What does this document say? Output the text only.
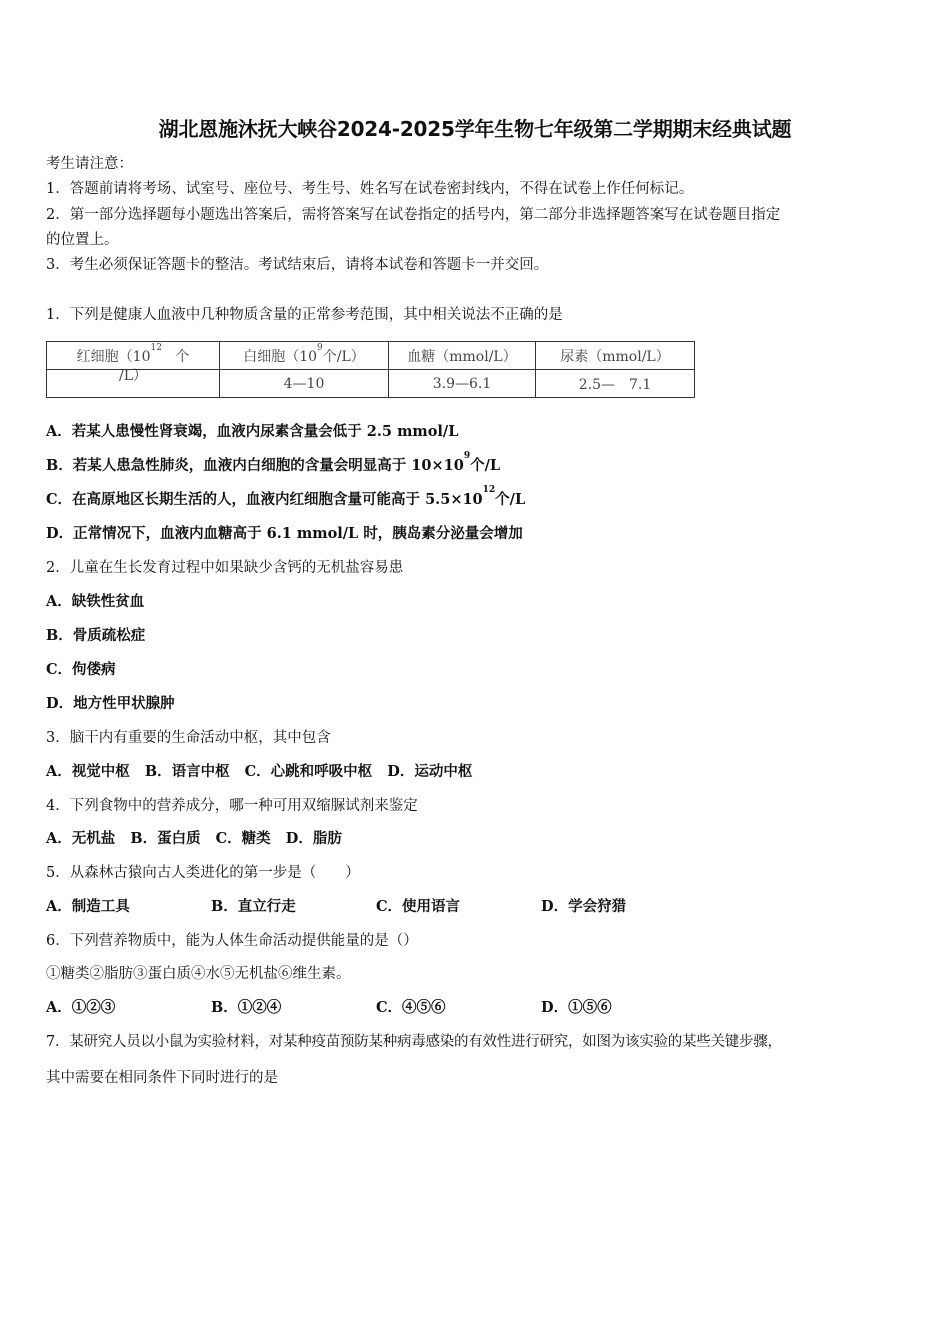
湖北恩施沐抚大峡谷2024-2025学年生物七年级第二学期期末经典试题
考生请注意：
1．答题前请将考场、试室号、座位号、考生号、姓名写在试卷密封线内，不得在试卷上作任何标记。
2．第一部分选择题每小题选出答案后，需将答案写在试卷指定的括号内，第二部分非选择题答案写在试卷题目指定
的位置上。
3．考生必须保证答题卡的整洁。考试结束后，请将本试卷和答题卡一并交回。
1．下列是健康人血液中几种物质含量的正常参考范围，其中相关说法不正确的是
红细胞（$10^{12}$   个	白细胞（$10^9$个/L）	血糖（mmol/L）	尿素（mmol/L）
/L）	4—10	3.9—6.1	2.5—　7.1
A．若某人患慢性肾衰竭，血液内尿素含量会低于 2.5 mmol/L
B．若某人患急性肺炎，血液内白细胞的含量会明显高于 $10\times 10^9$个/L
C．在高原地区长期生活的人，血液内红细胞含量可能高于 $5.5\times 10^{12}$个/L
D．正常情况下，血液内血糖高于 6.1 mmol/L 时，胰岛素分泌量会增加
2．儿童在生长发育过程中如果缺少含钙的无机盐容易患
A．缺铁性贫血
B．骨质疏松症
C．佝偻病
D．地方性甲状腺肿
3．脑干内有重要的生命活动中枢，其中包含
A．视觉中枢 B．语言中枢 C．心跳和呼吸中枢 D．运动中枢
4．下列食物中的营养成分，哪一种可用双缩脲试剂来鉴定
A．无机盐 B．蛋白质 C．糖类 D．脂肪
5．从森林古猿向古人类进化的第一步是（　　）
A．制造工具	B．直立行走	C．使用语言	D．学会狩猎
6．下列营养物质中，能为人体生命活动提供能量的是（）
①糖类②脂肪③蛋白质④水⑤无机盐⑥维生素。
A．①②③	B．①②④	C．④⑤⑥	D．①⑤⑥
7．某研究人员以小鼠为实验材料，对某种疫苗预防某种病毒感染的有效性进行研究，如图为该实验的某些关键步骤，
其中需要在相同条件下同时进行的是
